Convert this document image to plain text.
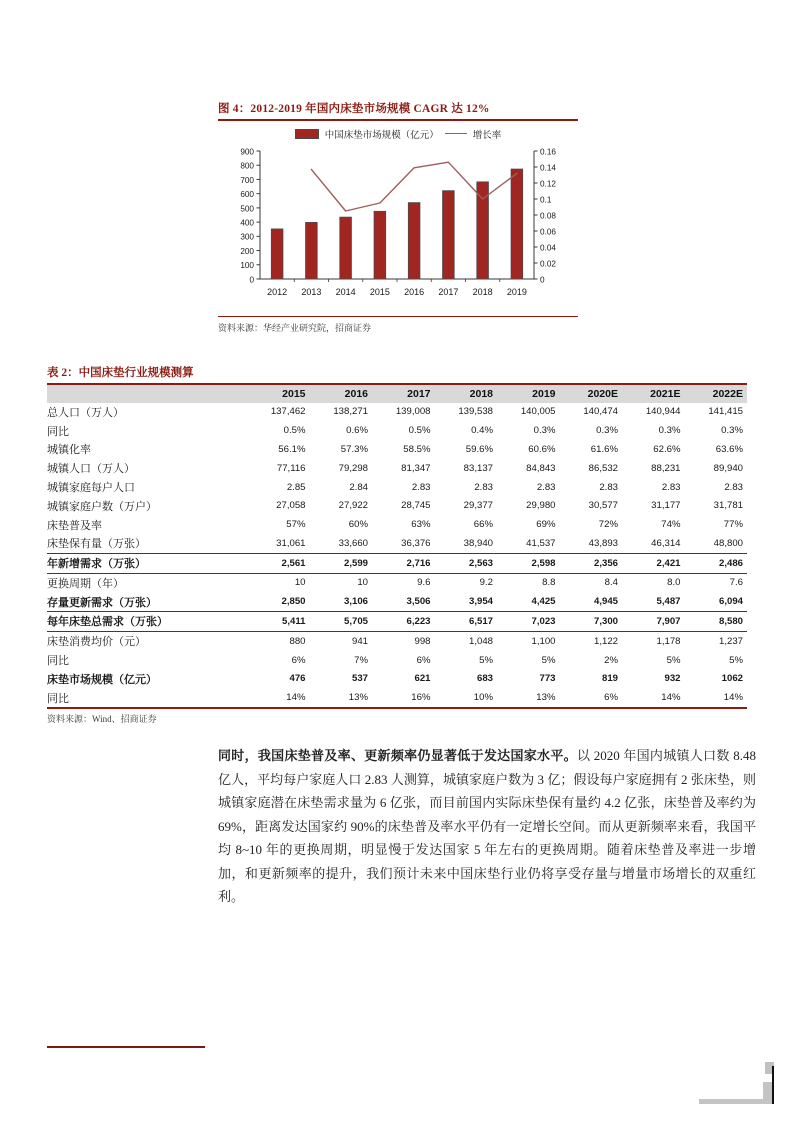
图 4：2012-2019 年国内床垫市场规模 CAGR 达 12%
中国床垫市场规模（亿元）	增长率
0
100
200
300
400
500
600
700
800
900
0
0.02
0.04
0.06
0.08
0.1
0.12
0.14
0.16
2012 2013 2014 2015 2016 2017 2018 2019
资料来源：华经产业研究院，招商证券
表 2：中国床垫行业规模测算
	2015	2016	2017	2018	2019	2020E	2021E	2022E
总人口（万人）	137,462	138,271	139,008	139,538	140,005	140,474	140,944	141,415
同比	0.5%	0.6%	0.5%	0.4%	0.3%	0.3%	0.3%	0.3%
城镇化率	56.1%	57.3%	58.5%	59.6%	60.6%	61.6%	62.6%	63.6%
城镇人口（万人）	77,116	79,298	81,347	83,137	84,843	86,532	88,231	89,940
城镇家庭每户人口	2.85	2.84	2.83	2.83	2.83	2.83	2.83	2.83
城镇家庭户数（万户）	27,058	27,922	28,745	29,377	29,980	30,577	31,177	31,781
床垫普及率	57%	60%	63%	66%	69%	72%	74%	77%
床垫保有量（万张）	31,061	33,660	36,376	38,940	41,537	43,893	46,314	48,800
年新增需求（万张）	2,561	2,599	2,716	2,563	2,598	2,356	2,421	2,486
更换周期（年）	10	10	9.6	9.2	8.8	8.4	8.0	7.6
存量更新需求（万张）	2,850	3,106	3,506	3,954	4,425	4,945	5,487	6,094
每年床垫总需求（万张）	5,411	5,705	6,223	6,517	7,023	7,300	7,907	8,580
床垫消费均价（元）	880	941	998	1,048	1,100	1,122	1,178	1,237
同比	6%	7%	6%	5%	5%	2%	5%	5%
床垫市场规模（亿元）	476	537	621	683	773	819	932	1062
同比	14%	13%	16%	10%	13%	6%	14%	14%
资料来源：Wind、招商证券
同时，我国床垫普及率、更新频率仍显著低于发达国家水平。以 2020 年国内城镇人口数 8.48 亿人，平均每户家庭人口 2.83 人测算，城镇家庭户数为 3 亿；假设每户家庭拥有 2 张床垫，则城镇家庭潜在床垫需求量为 6 亿张，而目前国内实际床垫保有量约 4.2 亿张，床垫普及率约为 69%，距离发达国家约 90%的床垫普及率水平仍有一定增长空间。而从更新频率来看，我国平均 8~10 年的更换周期，明显慢于发达国家 5 年左右的更换周期。随着床垫普及率进一步增加，和更新频率的提升，我们预计未来中国床垫行业仍将享受存量与增量市场增长的双重红利。
